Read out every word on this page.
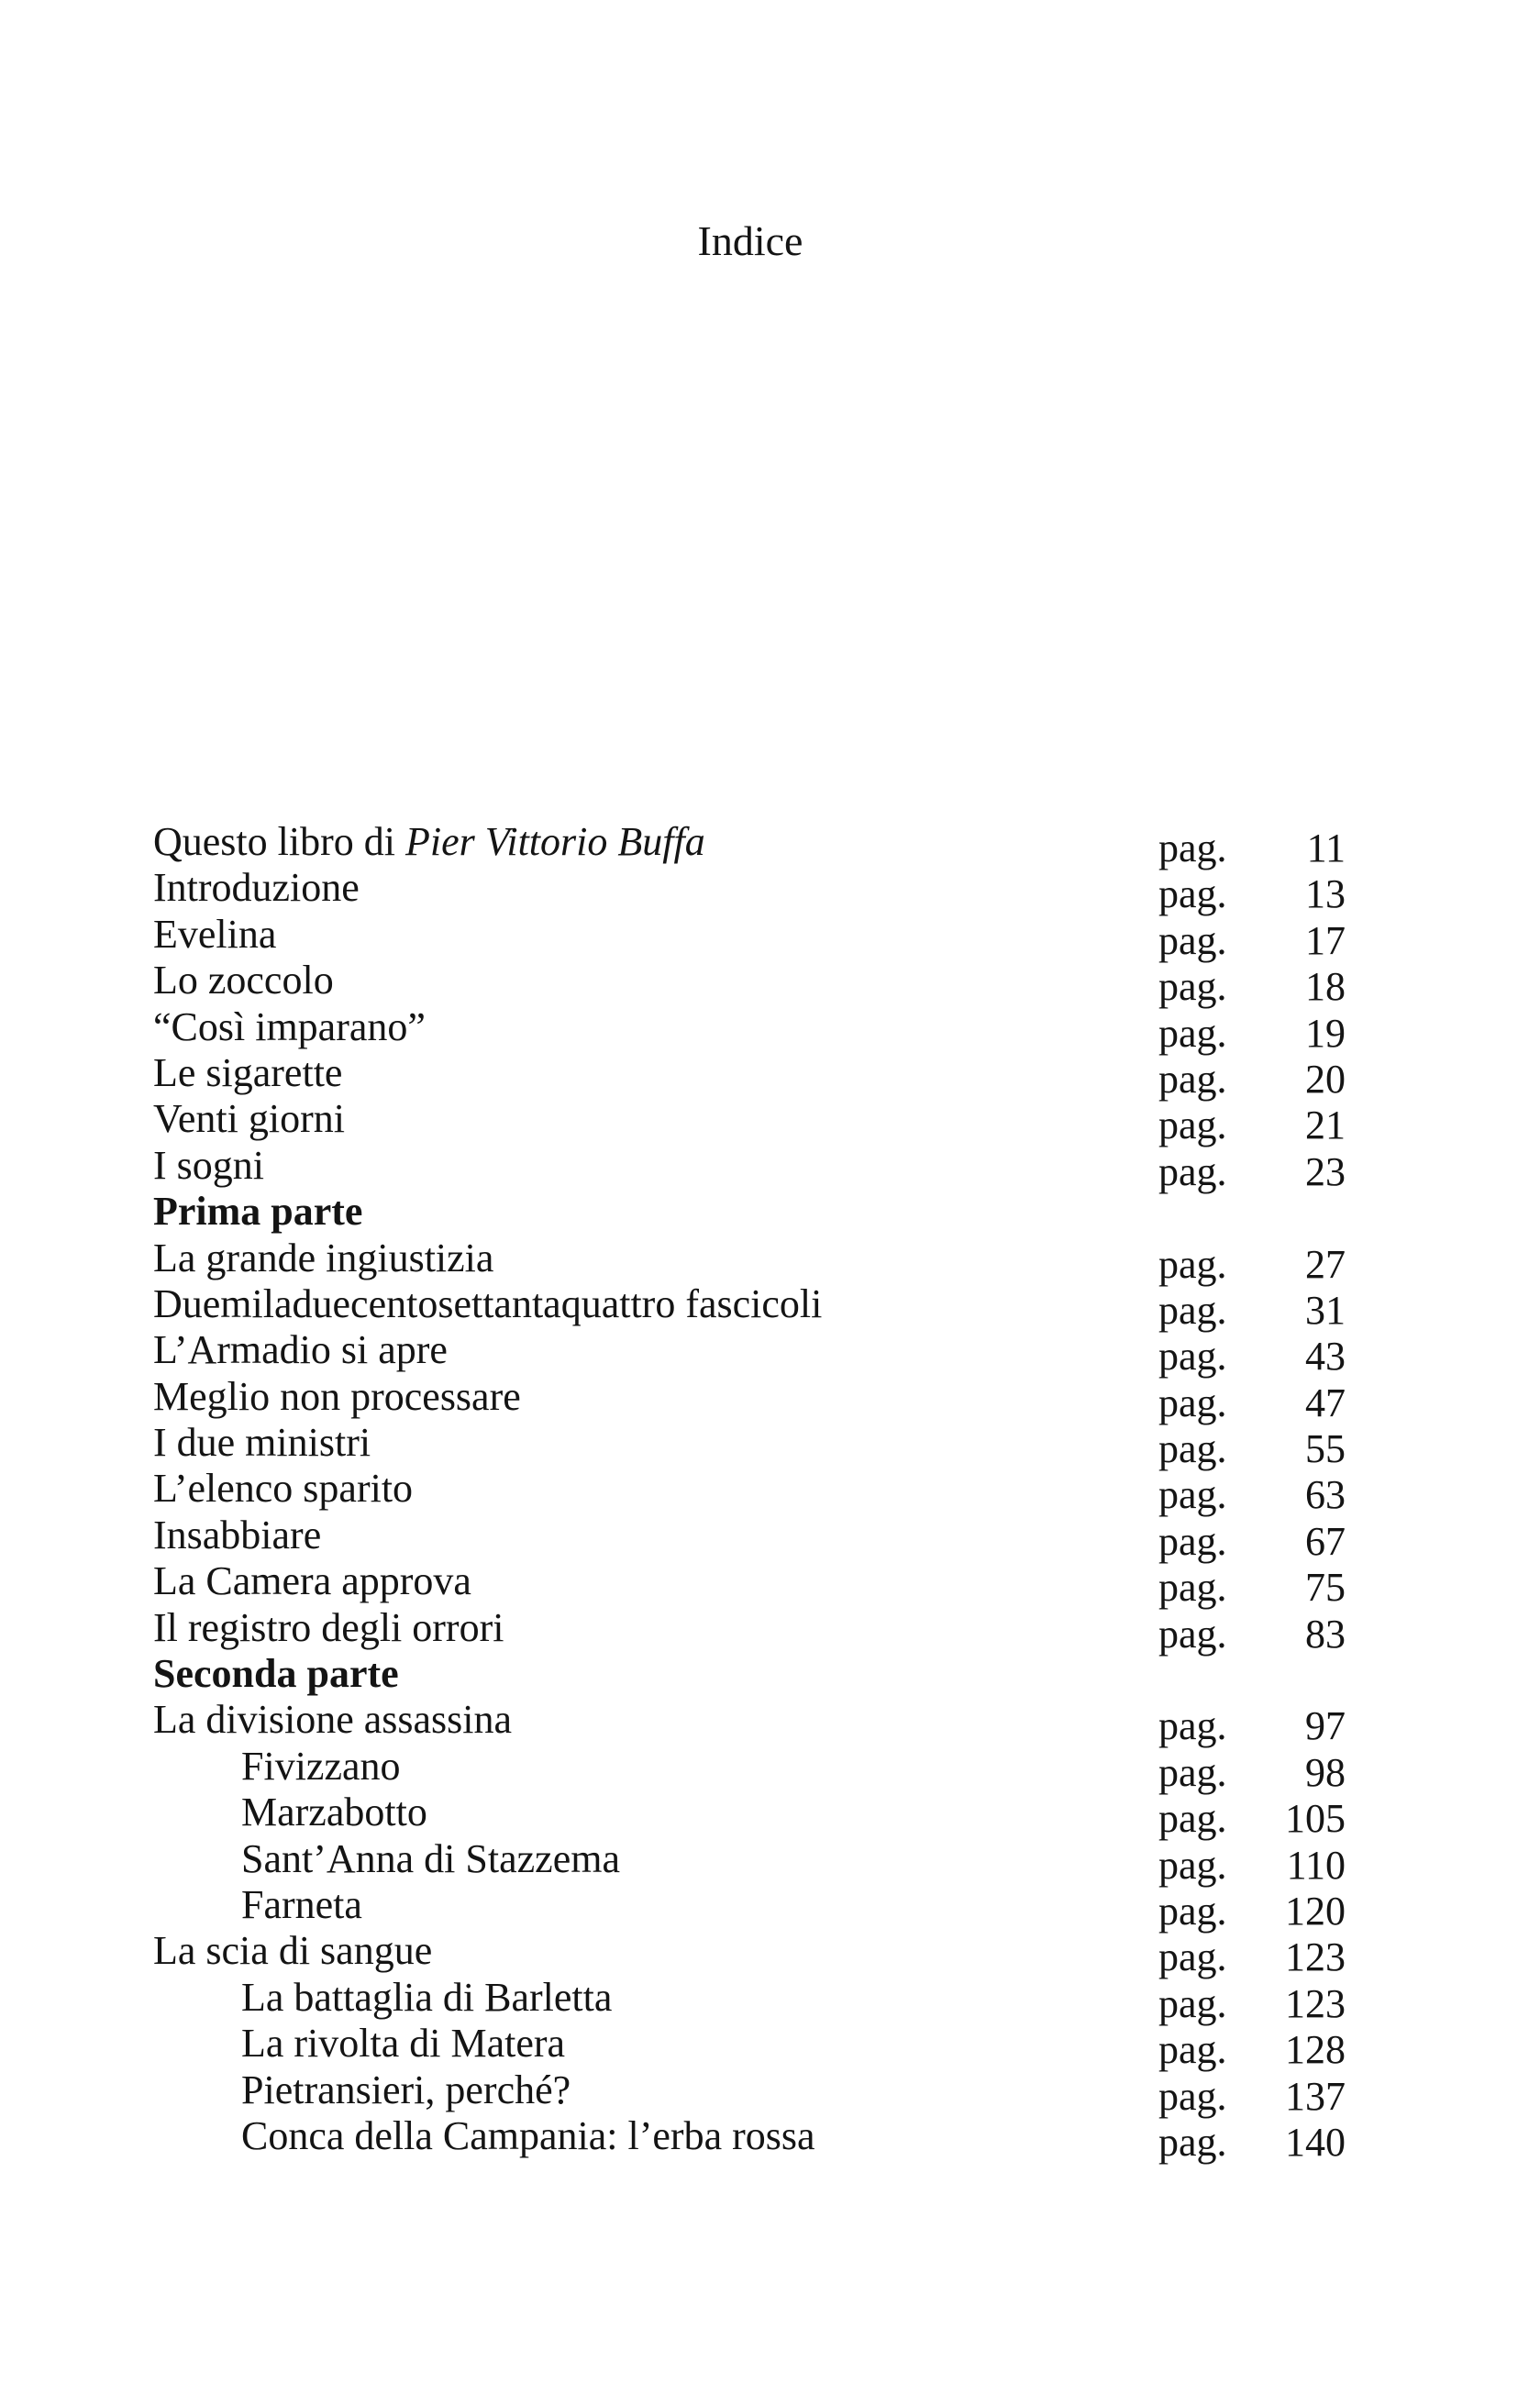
Indice
Questo libro di Pier Vittorio Buffa	pag.	11
Introduzione	pag.	13
Evelina	pag.	17
Lo zoccolo	pag.	18
“Così imparano”	pag.	19
Le sigarette	pag.	20
Venti giorni	pag.	21
I sogni	pag.	23
Prima parte
La grande ingiustizia	pag.	27
Duemiladuecentosettantaquattro fascicoli	pag.	31
L’Armadio si apre	pag.	43
Meglio non processare	pag.	47
I due ministri	pag.	55
L’elenco sparito	pag.	63
Insabbiare	pag.	67
La Camera approva	pag.	75
Il registro degli orrori	pag.	83
Seconda parte
La divisione assassina	pag.	97
Fivizzano	pag.	98
Marzabotto	pag.	105
Sant’Anna di Stazzema	pag.	110
Farneta	pag.	120
La scia di sangue	pag.	123
La battaglia di Barletta	pag.	123
La rivolta di Matera	pag.	128
Pietransieri, perché?	pag.	137
Conca della Campania: l’erba rossa	pag.	140
